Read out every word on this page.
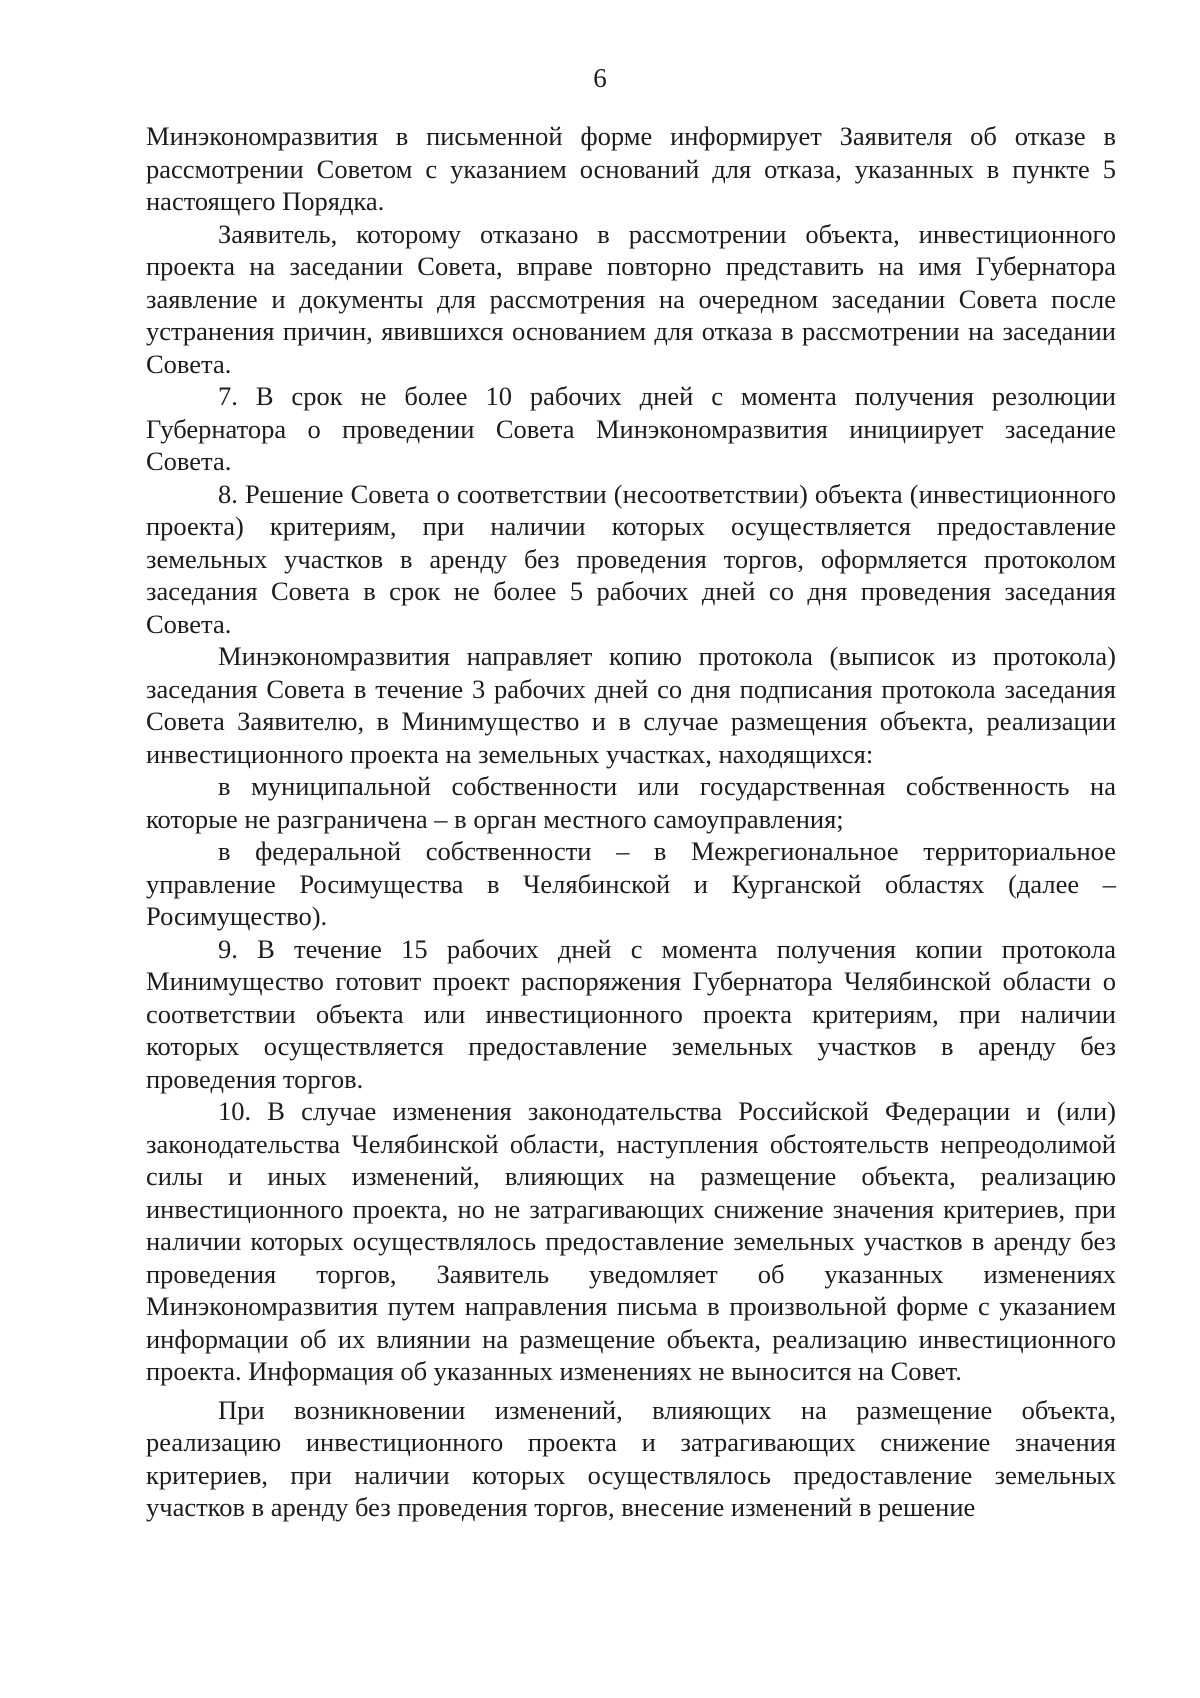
6

Минэкономразвития в письменной форме информирует Заявителя об отказе в рассмотрении Советом с указанием оснований для отказа, указанных в пункте 5 настоящего Порядка.

Заявитель, которому отказано в рассмотрении объекта, инвестиционного проекта на заседании Совета, вправе повторно представить на имя Губернатора заявление и документы для рассмотрения на очередном заседании Совета после устранения причин, явившихся основанием для отказа в рассмотрении на заседании Совета.

7. В срок не более 10 рабочих дней с момента получения резолюции Губернатора о проведении Совета Минэкономразвития инициирует заседание Совета.

8. Решение Совета о соответствии (несоответствии) объекта (инвестиционного проекта) критериям, при наличии которых осуществляется предоставление земельных участков в аренду без проведения торгов, оформляется протоколом заседания Совета в срок не более 5 рабочих дней со дня проведения заседания Совета.

Минэкономразвития направляет копию протокола (выписок из протокола) заседания Совета в течение 3 рабочих дней со дня подписания протокола заседания Совета Заявителю, в Минимущество и в случае размещения объекта, реализации инвестиционного проекта на земельных участках, находящихся:

в муниципальной собственности или государственная собственность на которые не разграничена – в орган местного самоуправления;

в федеральной собственности – в Межрегиональное территориальное управление Росимущества в Челябинской и Курганской областях (далее – Росимущество).

9. В течение 15 рабочих дней с момента получения копии протокола Минимущество готовит проект распоряжения Губернатора Челябинской области о соответствии объекта или инвестиционного проекта критериям, при наличии которых осуществляется предоставление земельных участков в аренду без проведения торгов.

10. В случае изменения законодательства Российской Федерации и (или) законодательства Челябинской области, наступления обстоятельств непреодолимой силы и иных изменений, влияющих на размещение объекта, реализацию инвестиционного проекта, но не затрагивающих снижение значения критериев, при наличии которых осуществлялось предоставление земельных участков в аренду без проведения торгов, Заявитель уведомляет об указанных изменениях Минэкономразвития путем направления письма в произвольной форме с указанием информации об их влиянии на размещение объекта, реализацию инвестиционного проекта. Информация об указанных изменениях не выносится на Совет.

При возникновении изменений, влияющих на размещение объекта, реализацию инвестиционного проекта и затрагивающих снижение значения критериев, при наличии которых осуществлялось предоставление земельных участков в аренду без проведения торгов, внесение изменений в решение
